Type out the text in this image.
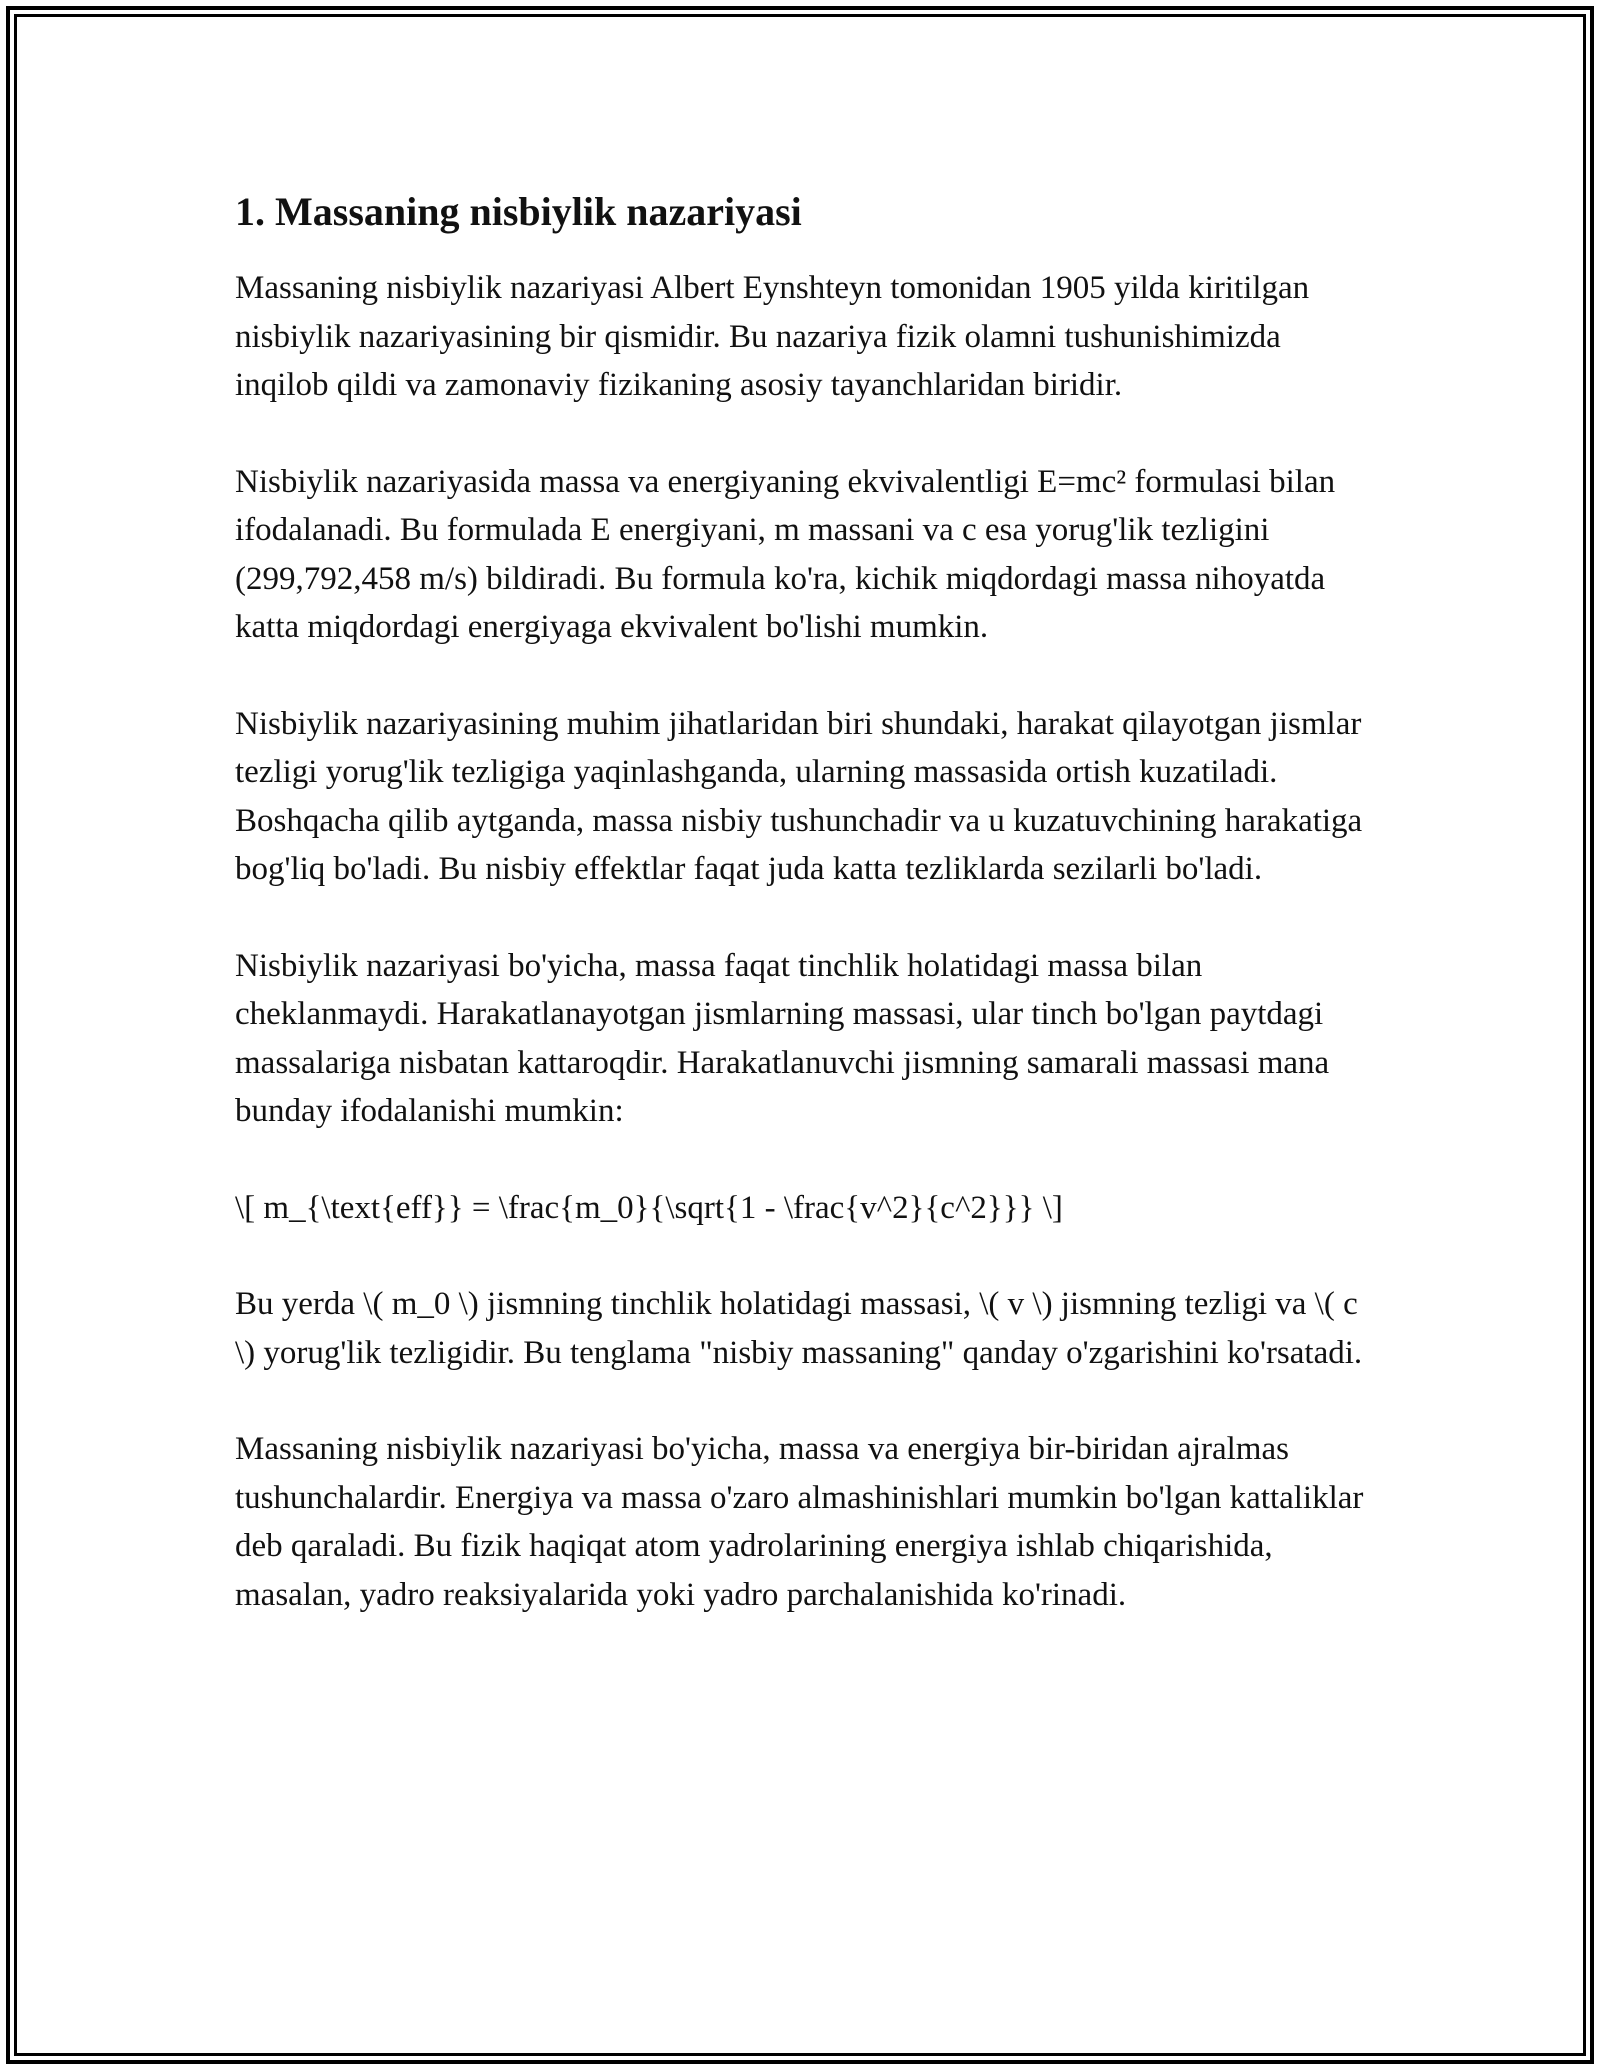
1. Massaning nisbiylik nazariyasi

Massaning nisbiylik nazariyasi Albert Eynshteyn tomonidan 1905 yilda kiritilgan nisbiylik nazariyasining bir qismidir. Bu nazariya fizik olamni tushunishimizda inqilob qildi va zamonaviy fizikaning asosiy tayanchlaridan biridir.

Nisbiylik nazariyasida massa va energiyaning ekvivalentligi E=mc² formulasi bilan ifodalanadi. Bu formulada E energiyani, m massani va c esa yorug'lik tezligini (299,792,458 m/s) bildiradi. Bu formula ko'ra, kichik miqdordagi massa nihoyatda katta miqdordagi energiyaga ekvivalent bo'lishi mumkin.

Nisbiylik nazariyasining muhim jihatlaridan biri shundaki, harakat qilayotgan jismlar tezligi yorug'lik tezligiga yaqinlashganda, ularning massasida ortish kuzatiladi. Boshqacha qilib aytganda, massa nisbiy tushunchadir va u kuzatuvchining harakatiga bog'liq bo'ladi. Bu nisbiy effektlar faqat juda katta tezliklarda sezilarli bo'ladi.

Nisbiylik nazariyasi bo'yicha, massa faqat tinchlik holatidagi massa bilan cheklanmaydi. Harakatlanayotgan jismlarning massasi, ular tinch bo'lgan paytdagi massalariga nisbatan kattaroqdir. Harakatlanuvchi jismning samarali massasi mana bunday ifodalanishi mumkin:

\[ m_{\text{eff}} = \frac{m_0}{\sqrt{1 - \frac{v^2}{c^2}}} \]

Bu yerda \( m_0 \) jismning tinchlik holatidagi massasi, \( v \) jismning tezligi va \( c \) yorug'lik tezligidir. Bu tenglama "nisbiy massaning" qanday o'zgarishini ko'rsatadi.

Massaning nisbiylik nazariyasi bo'yicha, massa va energiya bir-biridan ajralmas tushunchalardir. Energiya va massa o'zaro almashinishlari mumkin bo'lgan kattaliklar deb qaraladi. Bu fizik haqiqat atom yadrolarining energiya ishlab chiqarishida, masalan, yadro reaksiyalarida yoki yadro parchalanishida ko'rinadi.
